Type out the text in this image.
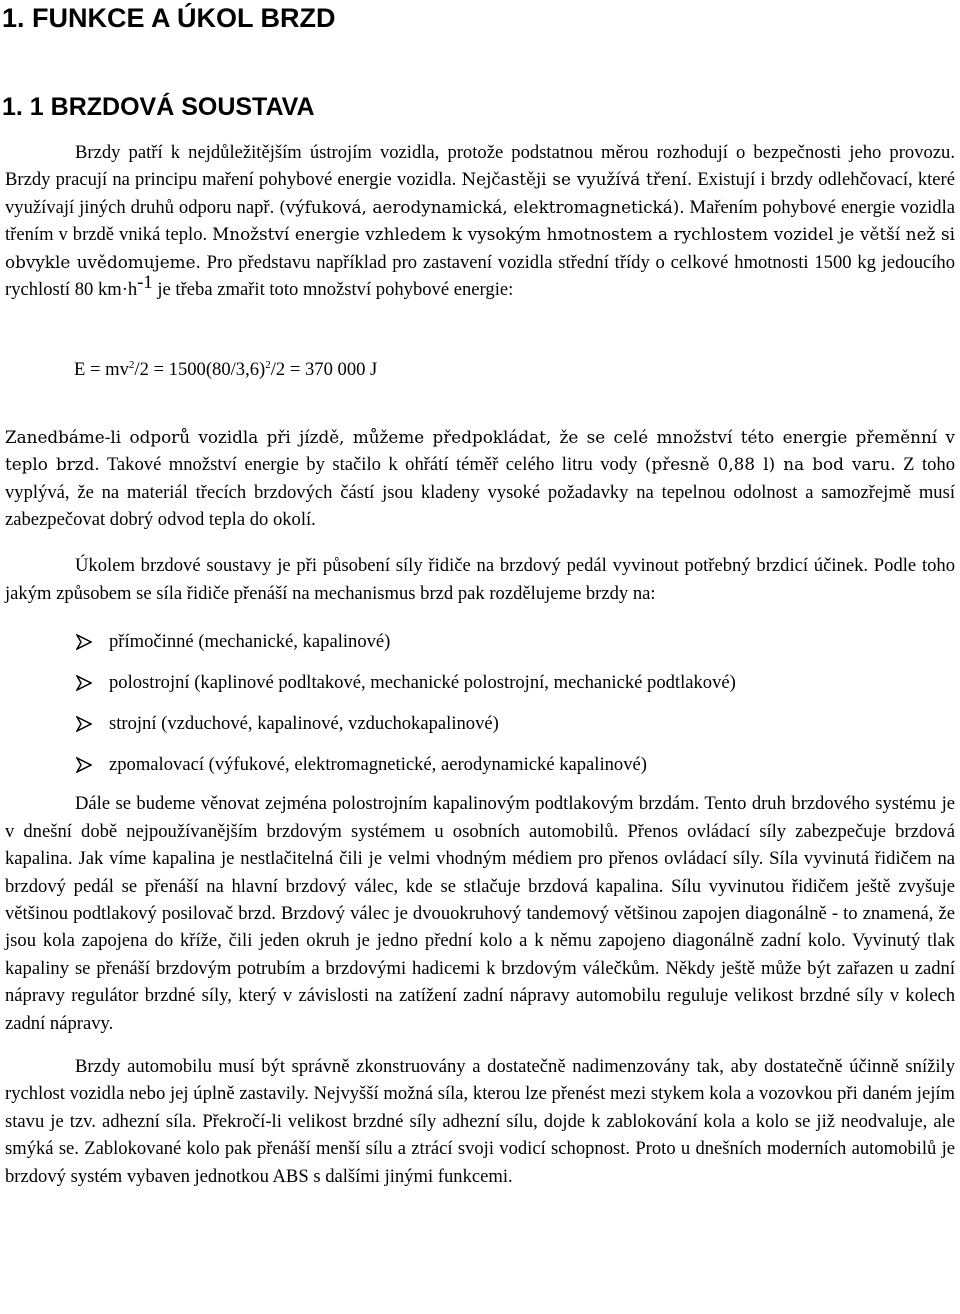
1. FUNKCE A ÚKOL BRZD
1. 1 BRZDOVÁ SOUSTAVA

Brzdy patří k nejdůležitějším ústrojím vozidla, protože podstatnou měrou rozhodují o bezpečnosti jeho provozu. Brzdy pracují na principu maření pohybové energie vozidla. Nejčastěji se využívá tření. Existují i brzdy odlehčovací, které využívají jiných druhů odporu např. (výfuková, aerodynamická, elektromagnetická). Mařením pohybové energie vozidla třením v brzdě vniká teplo. Množství energie vzhledem k vysokým hmotnostem a rychlostem vozidel je větší než si obvykle uvědomujeme. Pro představu například pro zastavení vozidla střední třídy o celkové hmotnosti 1500 kg jedoucího rychlostí 80 $km\cdot h^{-1}$ je třeba zmařit toto množství pohybové energie:

$E = mv^2/2 = 1500(80/3,6)^2/2 = 370$ 000 J

Zanedbáme-li odporů vozidla při jízdě, můžeme předpokládat, že se celé množství této energie přeměnní v teplo brzd. Takové množství energie by stačilo k ohřátí téměř celého litru vody (přesně 0,88 l) na bod varu. Z toho vyplývá, že na materiál třecích brzdových částí jsou kladeny vysoké požadavky na tepelnou odolnost a samozřejmě musí zabezpečovat dobrý odvod tepla do okolí.

Úkolem brzdové soustavy je při působení síly řidiče na brzdový pedál vyvinout potřebný brzdicí účinek. Podle toho jakým způsobem se síla řidiče přenáší na mechanismus brzd pak rozdělujeme brzdy na:

přímočinné (mechanické, kapalinové)
polostrojní (kaplinové podltakové, mechanické polostrojní, mechanické podtlakové)
strojní (vzduchové, kapalinové, vzduchokapalinové)
zpomalovací (výfukové, elektromagnetické, aerodynamické kapalinové)

Dále se budeme věnovat zejména polostrojním kapalinovým podtlakovým brzdám. Tento druh brzdového systému je v dnešní době nejpoužívanějším brzdovým systémem u osobních automobilů. Přenos ovládací síly zabezpečuje brzdová kapalina. Jak víme kapalina je nestlačitelná čili je velmi vhodným médiem pro přenos ovládací síly. Síla vyvinutá řidičem na brzdový pedál se přenáší na hlavní brzdový válec, kde se stlačuje brzdová kapalina. Sílu vyvinutou řidičem ještě zvyšuje většinou podtlakový posilovač brzd. Brzdový válec je dvouokruhový tandemový většinou zapojen diagonálně - to znamená, že jsou kola zapojena do kříže, čili jeden okruh je jedno přední kolo a k němu zapojeno diagonálně zadní kolo. Vyvinutý tlak kapaliny se přenáší brzdovým potrubím a brzdovými hadicemi k brzdovým válečkům. Někdy ještě může být zařazen u zadní nápravy regulátor brzdné síly, který v závislosti na zatížení zadní nápravy automobilu reguluje velikost brzdné síly v kolech zadní nápravy.

Brzdy automobilu musí být správně zkonstruovány a dostatečně nadimenzovány tak, aby dostatečně účinně snížily rychlost vozidla nebo jej úplně zastavily. Nejvyšší možná síla, kterou lze přenést mezi stykem kola a vozovkou při daném jejím stavu je tzv. adhezní síla. Překročí-li velikost brzdné síly adhezní sílu, dojde k zablokování kola a kolo se již neodvaluje, ale smýká se. Zablokované kolo pak přenáší menší sílu a ztrácí svoji vodicí schopnost. Proto u dnešních moderních automobilů je brzdový systém vybaven jednotkou ABS s dalšími jinými funkcemi.
